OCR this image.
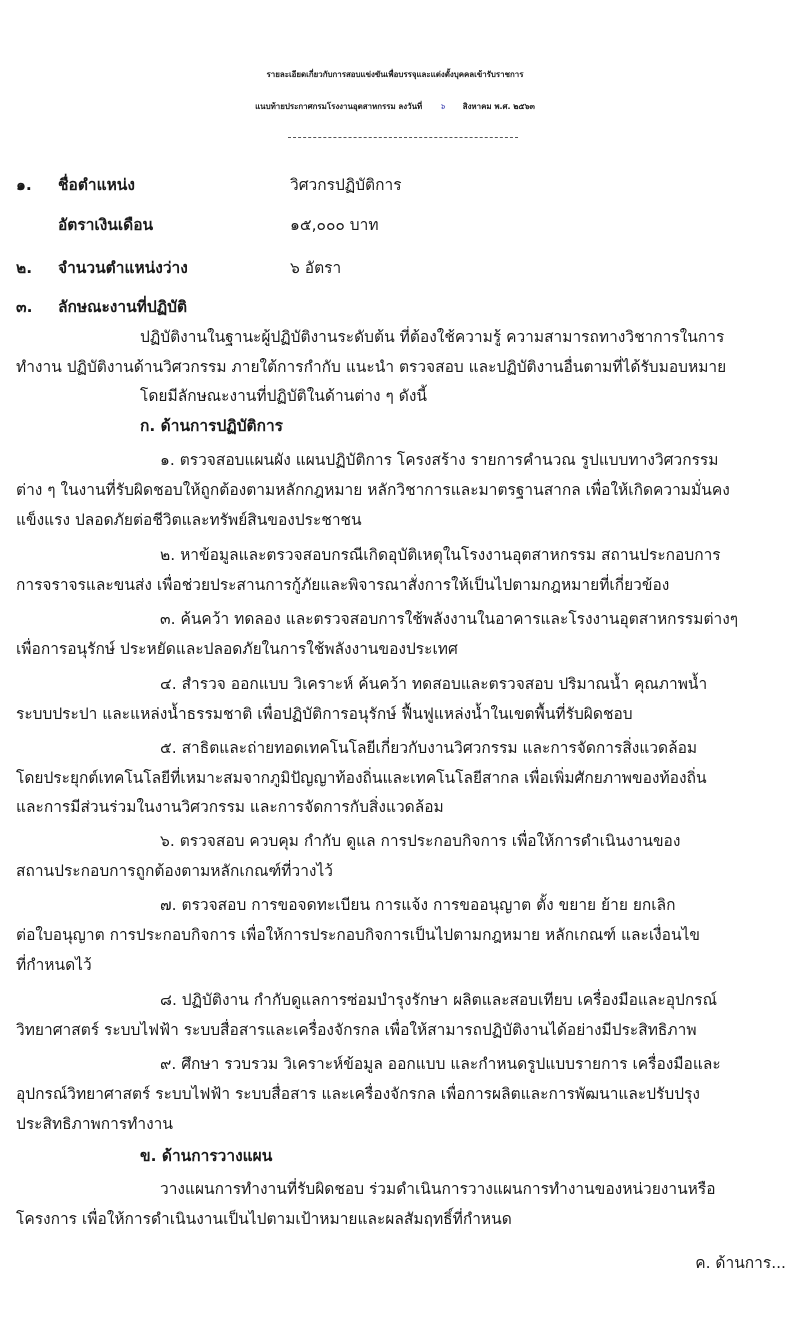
รายละเอียดเกี่ยวกับการสอบแข่งขันเพื่อบรรจุและแต่งตั้งบุคคลเข้ารับราชการ
แนบท้ายประกาศกรมโรงงานอุตสาหกรรม ลงวันที่ ๖ สิงหาคม พ.ศ. ๒๕๖๓
๑. ชื่อตำแหน่ง	วิศวกรปฏิบัติการ
อัตราเงินเดือน	๑๕,๐๐๐ บาท
๒. จำนวนตำแหน่งว่าง	๖ อัตรา
๓. ลักษณะงานที่ปฏิบัติ
ปฏิบัติงานในฐานะผู้ปฏิบัติงานระดับต้น ที่ต้องใช้ความรู้ ความสามารถทางวิชาการในการ
ทำงาน ปฏิบัติงานด้านวิศวกรรม ภายใต้การกำกับ แนะนำ ตรวจสอบ และปฏิบัติงานอื่นตามที่ได้รับมอบหมาย
โดยมีลักษณะงานที่ปฏิบัติในด้านต่าง ๆ ดังนี้
ก. ด้านการปฏิบัติการ
๑. ตรวจสอบแผนผัง แผนปฏิบัติการ โครงสร้าง รายการคำนวณ รูปแบบทางวิศวกรรม
ต่าง ๆ ในงานที่รับผิดชอบให้ถูกต้องตามหลักกฎหมาย หลักวิชาการและมาตรฐานสากล เพื่อให้เกิดความมั่นคง
แข็งแรง ปลอดภัยต่อชีวิตและทรัพย์สินของประชาชน
๒. หาข้อมูลและตรวจสอบกรณีเกิดอุบัติเหตุในโรงงานอุตสาหกรรม สถานประกอบการ
การจราจรและขนส่ง เพื่อช่วยประสานการกู้ภัยและพิจารณาสั่งการให้เป็นไปตามกฎหมายที่เกี่ยวข้อง
๓. ค้นคว้า ทดลอง และตรวจสอบการใช้พลังงานในอาคารและโรงงานอุตสาหกรรมต่างๆ
เพื่อการอนุรักษ์ ประหยัดและปลอดภัยในการใช้พลังงานของประเทศ
๔. สำรวจ ออกแบบ วิเคราะห์ ค้นคว้า ทดสอบและตรวจสอบ ปริมาณน้ำ คุณภาพน้ำ
ระบบประปา และแหล่งน้ำธรรมชาติ เพื่อปฏิบัติการอนุรักษ์ ฟื้นฟูแหล่งน้ำในเขตพื้นที่รับผิดชอบ
๕. สาธิตและถ่ายทอดเทคโนโลยีเกี่ยวกับงานวิศวกรรม และการจัดการสิ่งแวดล้อม
โดยประยุกต์เทคโนโลยีที่เหมาะสมจากภูมิปัญญาท้องถิ่นและเทคโนโลยีสากล เพื่อเพิ่มศักยภาพของท้องถิ่น
และการมีส่วนร่วมในงานวิศวกรรม และการจัดการกับสิ่งแวดล้อม
๖. ตรวจสอบ ควบคุม กำกับ ดูแล การประกอบกิจการ เพื่อให้การดำเนินงานของ
สถานประกอบการถูกต้องตามหลักเกณฑ์ที่วางไว้
๗. ตรวจสอบ การขอจดทะเบียน การแจ้ง การขออนุญาต ตั้ง ขยาย ย้าย ยกเลิก
ต่อใบอนุญาต การประกอบกิจการ เพื่อให้การประกอบกิจการเป็นไปตามกฎหมาย หลักเกณฑ์ และเงื่อนไข
ที่กำหนดไว้
๘. ปฏิบัติงาน กำกับดูแลการซ่อมบำรุงรักษา ผลิตและสอบเทียบ เครื่องมือและอุปกรณ์
วิทยาศาสตร์ ระบบไฟฟ้า ระบบสื่อสารและเครื่องจักรกล เพื่อให้สามารถปฏิบัติงานได้อย่างมีประสิทธิภาพ
๙. ศึกษา รวบรวม วิเคราะห์ข้อมูล ออกแบบ และกำหนดรูปแบบรายการ เครื่องมือและ
อุปกรณ์วิทยาศาสตร์ ระบบไฟฟ้า ระบบสื่อสาร และเครื่องจักรกล เพื่อการผลิตและการพัฒนาและปรับปรุง
ประสิทธิภาพการทำงาน
ข. ด้านการวางแผน
วางแผนการทำงานที่รับผิดชอบ ร่วมดำเนินการวางแผนการทำงานของหน่วยงานหรือ
โครงการ เพื่อให้การดำเนินงานเป็นไปตามเป้าหมายและผลสัมฤทธิ์ที่กำหนด
ค. ด้านการ...
